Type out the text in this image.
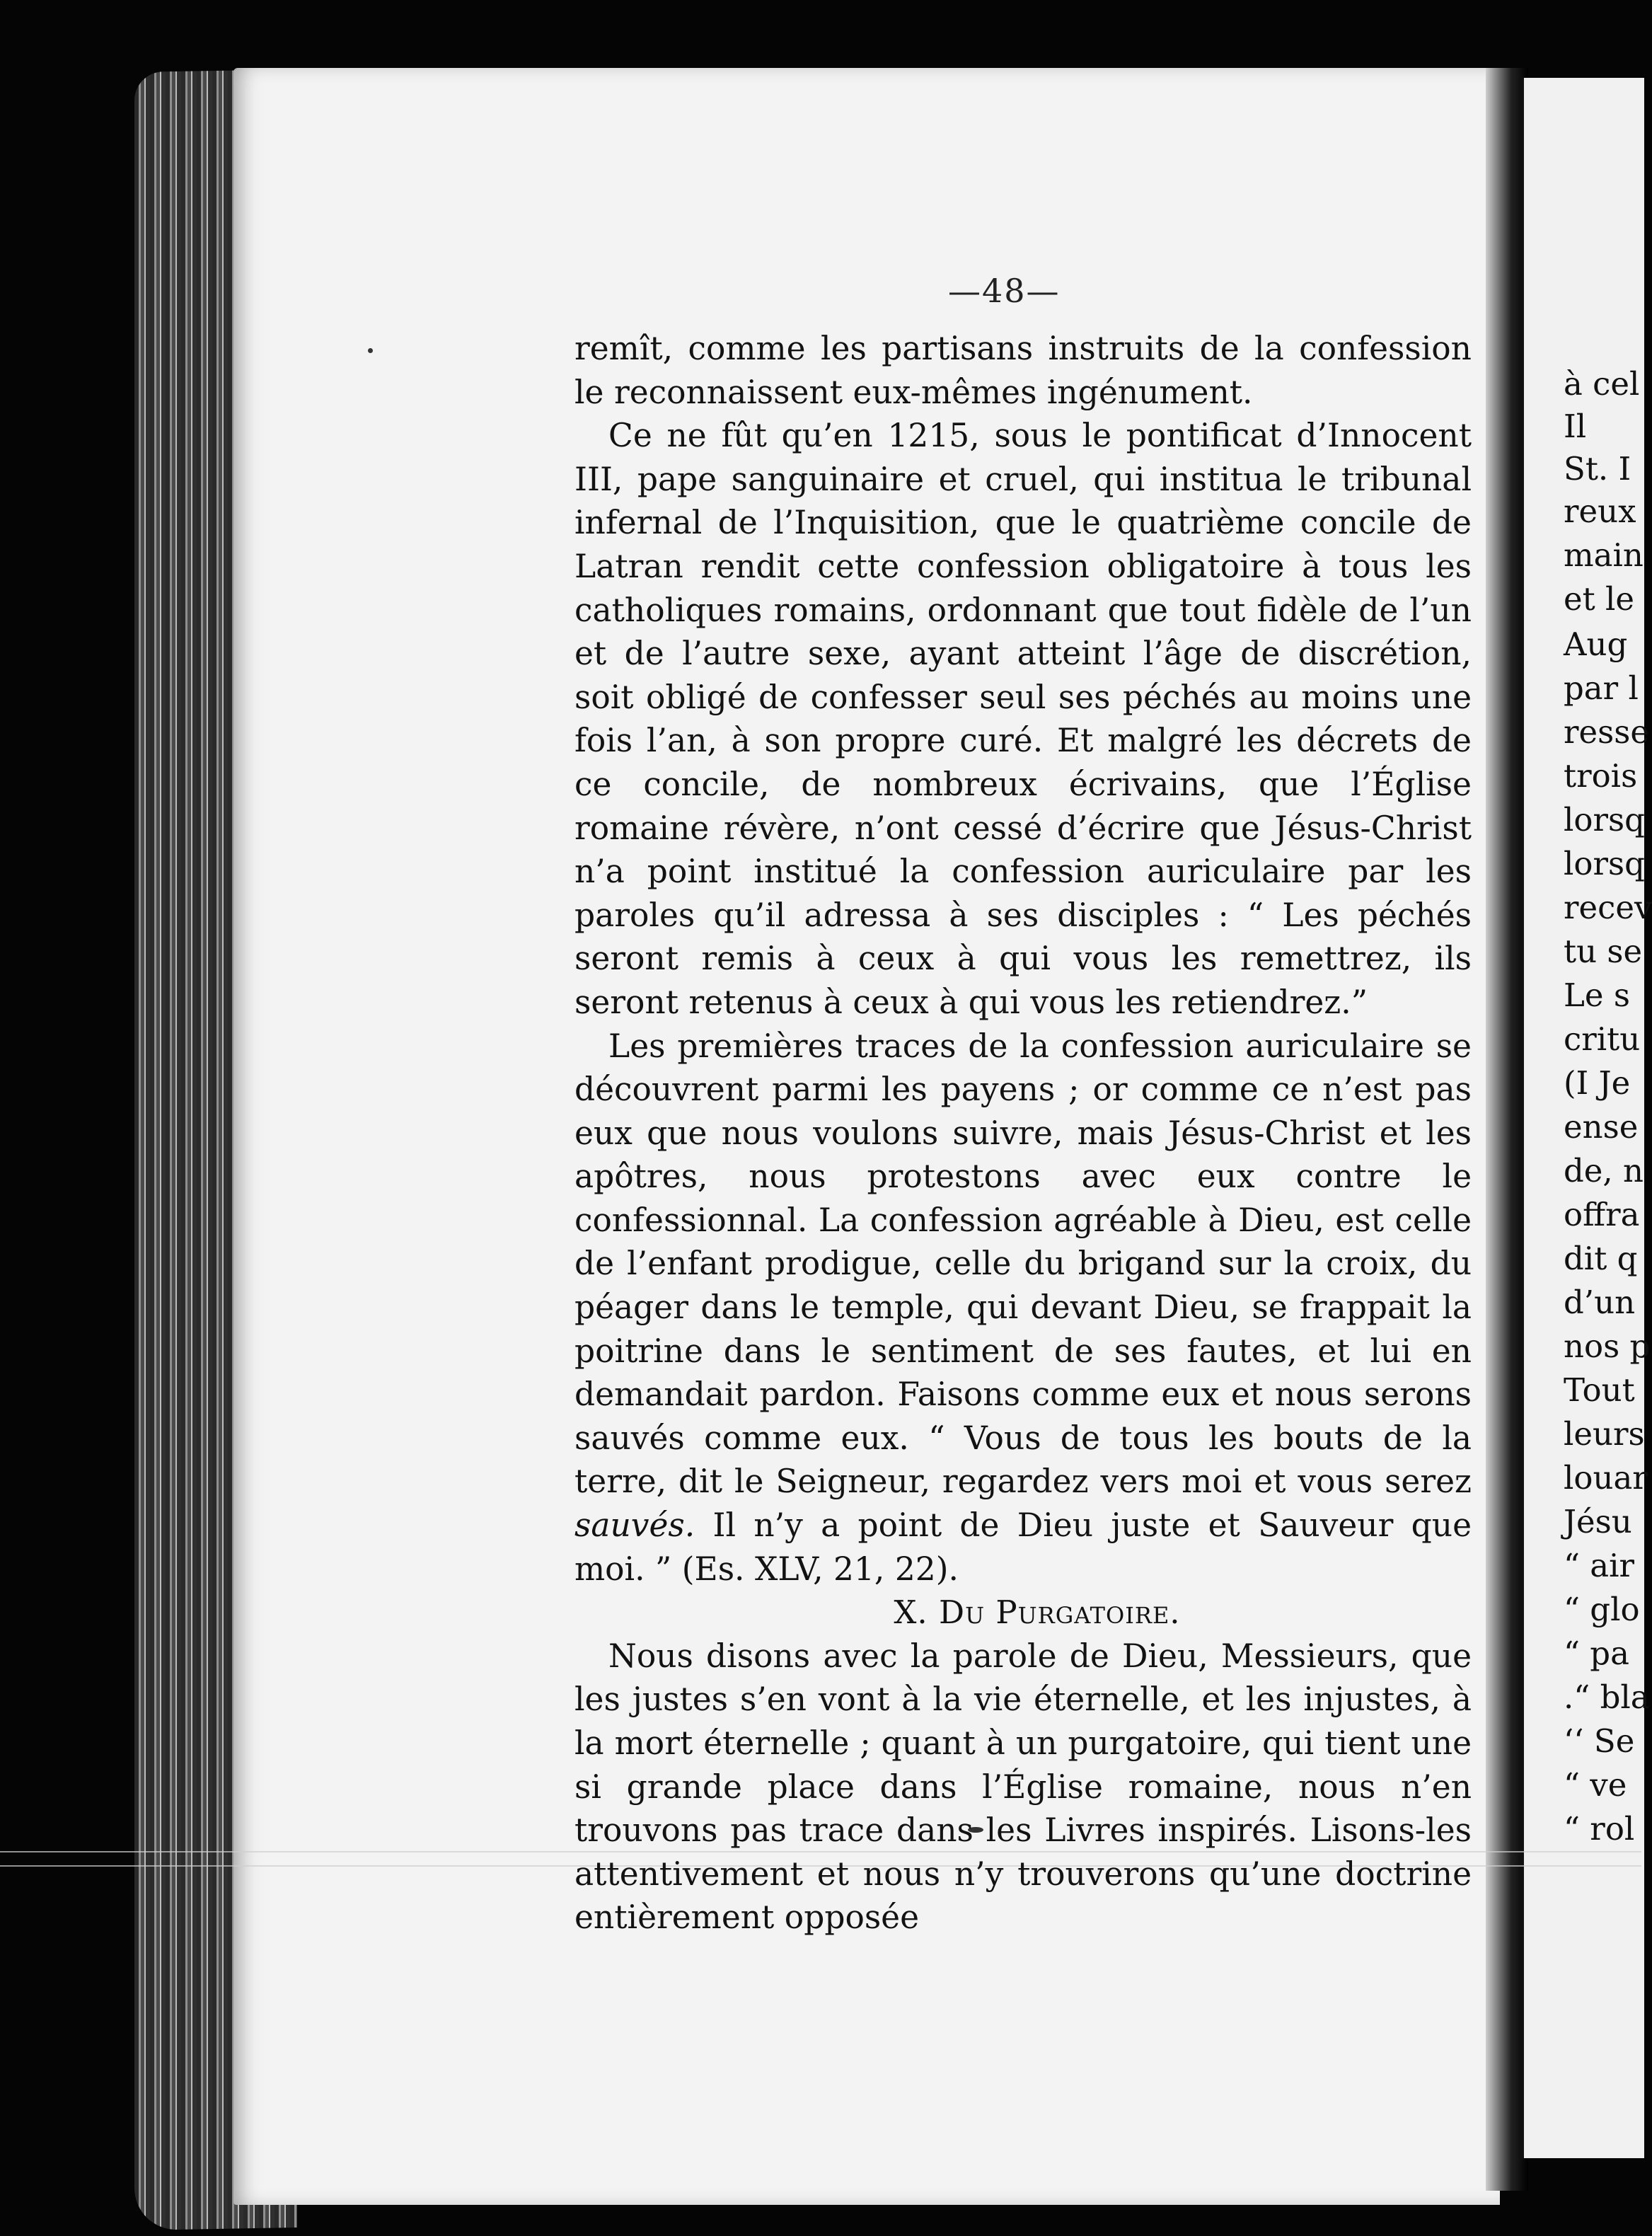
à cel
Il
St. I
reux
main
et le
Aug
par l
resse
trois
lorsq
lorsq
recev
tu se
Le s
critu
(I Je
ense
de, n
offra
dit q
d’un
nos p
Tout
leurs
louar
Jésu
“ air
“ glo
“ pa
.“ bla
‘‘ Se
“ ve
“ rol
—48—

remît, comme les partisans instruits de la confession le reconnaissent eux-mêmes ingénument.

Ce ne fût qu’en 1215, sous le pontificat d’Innocent III, pape sanguinaire et cruel, qui institua le tribunal infernal de l’Inquisition, que le quatrième concile de Latran rendit cette confession obligatoire à tous les catholiques romains, ordonnant que tout fidèle de l’un et de l’autre sexe, ayant atteint l’âge de discrétion, soit obligé de confesser seul ses péchés au moins une fois l’an, à son propre curé. Et malgré les décrets de ce concile, de nombreux écrivains, que l’Église romaine révère, n’ont cessé d’écrire que Jésus-Christ n’a point institué la confession auriculaire par les paroles qu’il adressa à ses disciples : “ Les péchés seront remis à ceux à qui vous les remettrez, ils seront retenus à ceux à qui vous les retiendrez.”

Les premières traces de la confession auriculaire se découvrent parmi les payens ; or comme ce n’est pas eux que nous voulons suivre, mais Jésus-Christ et les apôtres, nous protestons avec eux contre le confessionnal. La confession agréable à Dieu, est celle de l’enfant prodigue, celle du brigand sur la croix, du péager dans le temple, qui devant Dieu, se frappait la poitrine dans le sentiment de ses fautes, et lui en demandait pardon. Faisons comme eux et nous serons sauvés comme eux. “ Vous de tous les bouts de la terre, dit le Seigneur, regardez vers moi et vous serez sauvés. Il n’y a point de Dieu juste et Sauveur que moi. ” (Es. XLV, 21, 22).

X. Du Purgatoire.

Nous disons avec la parole de Dieu, Messieurs, que les justes s’en vont à la vie éternelle, et les injustes, à la mort éternelle ; quant à un purgatoire, qui tient une si grande place dans l’Église romaine, nous n’en trouvons pas trace dans les Livres inspirés. Lisons-les attentivement et nous n’y trouverons qu’une doctrine entièrement opposée
